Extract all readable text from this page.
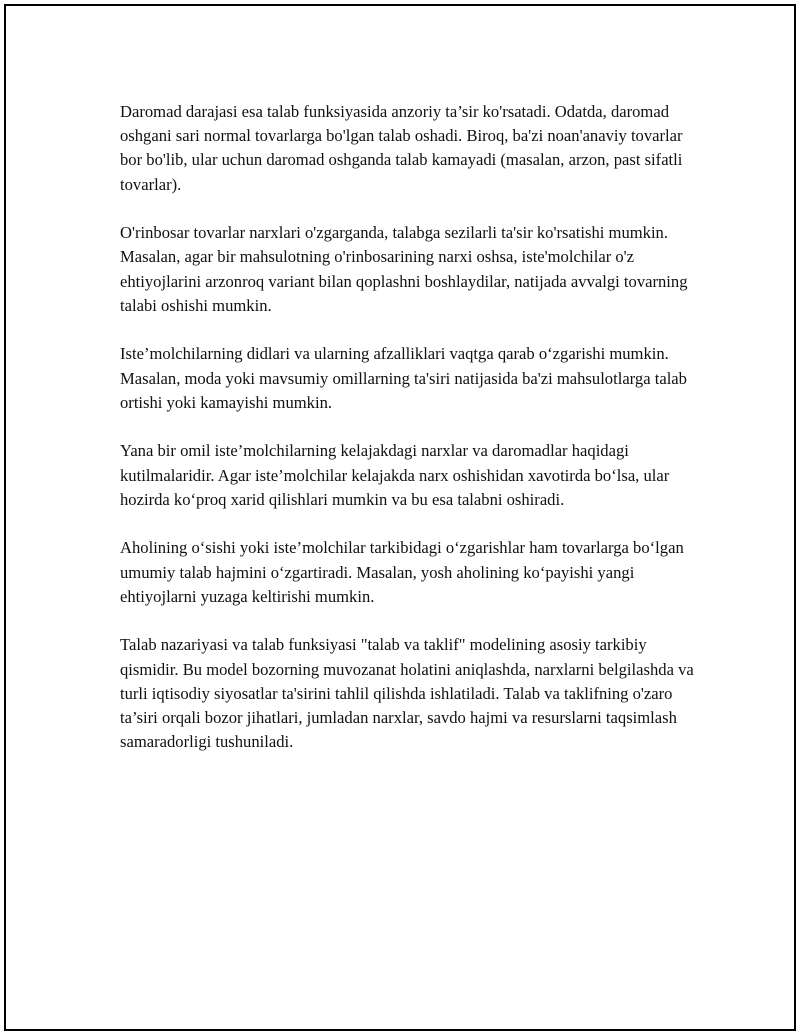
Daromad darajasi esa talab funksiyasida anzoriy ta’sir ko'rsatadi. Odatda, daromad oshgani sari normal tovarlarga bo'lgan talab oshadi. Biroq, ba'zi noan'anaviy tovarlar bor bo'lib, ular uchun daromad oshganda talab kamayadi (masalan, arzon, past sifatli tovarlar).

O'rinbosar tovarlar narxlari o'zgarganda, talabga sezilarli ta'sir ko'rsatishi mumkin. Masalan, agar bir mahsulotning o'rinbosarining narxi oshsa, iste'molchilar o'z ehtiyojlarini arzonroq variant bilan qoplashni boshlaydilar, natijada avvalgi tovarning talabi oshishi mumkin.

Iste’molchilarning didlari va ularning afzalliklari vaqtga qarab o‘zgarishi mumkin. Masalan, moda yoki mavsumiy omillarning ta'siri natijasida ba'zi mahsulotlarga talab ortishi yoki kamayishi mumkin.

Yana bir omil iste’molchilarning kelajakdagi narxlar va daromadlar haqidagi kutilmalaridir. Agar iste’molchilar kelajakda narx oshishidan xavotirda bo‘lsa, ular hozirda ko‘proq xarid qilishlari mumkin va bu esa talabni oshiradi.

Aholining o‘sishi yoki iste’molchilar tarkibidagi o‘zgarishlar ham tovarlarga bo‘lgan umumiy talab hajmini o‘zgartiradi. Masalan, yosh aholining ko‘payishi yangi ehtiyojlarni yuzaga keltirishi mumkin.

Talab nazariyasi va talab funksiyasi "talab va taklif" modelining asosiy tarkibiy qismidir. Bu model bozorning muvozanat holatini aniqlashda, narxlarni belgilashda va turli iqtisodiy siyosatlar ta'sirini tahlil qilishda ishlatiladi. Talab va taklifning o'zaro ta’siri orqali bozor jihatlari, jumladan narxlar, savdo hajmi va resurslarni taqsimlash samaradorligi tushuniladi.
